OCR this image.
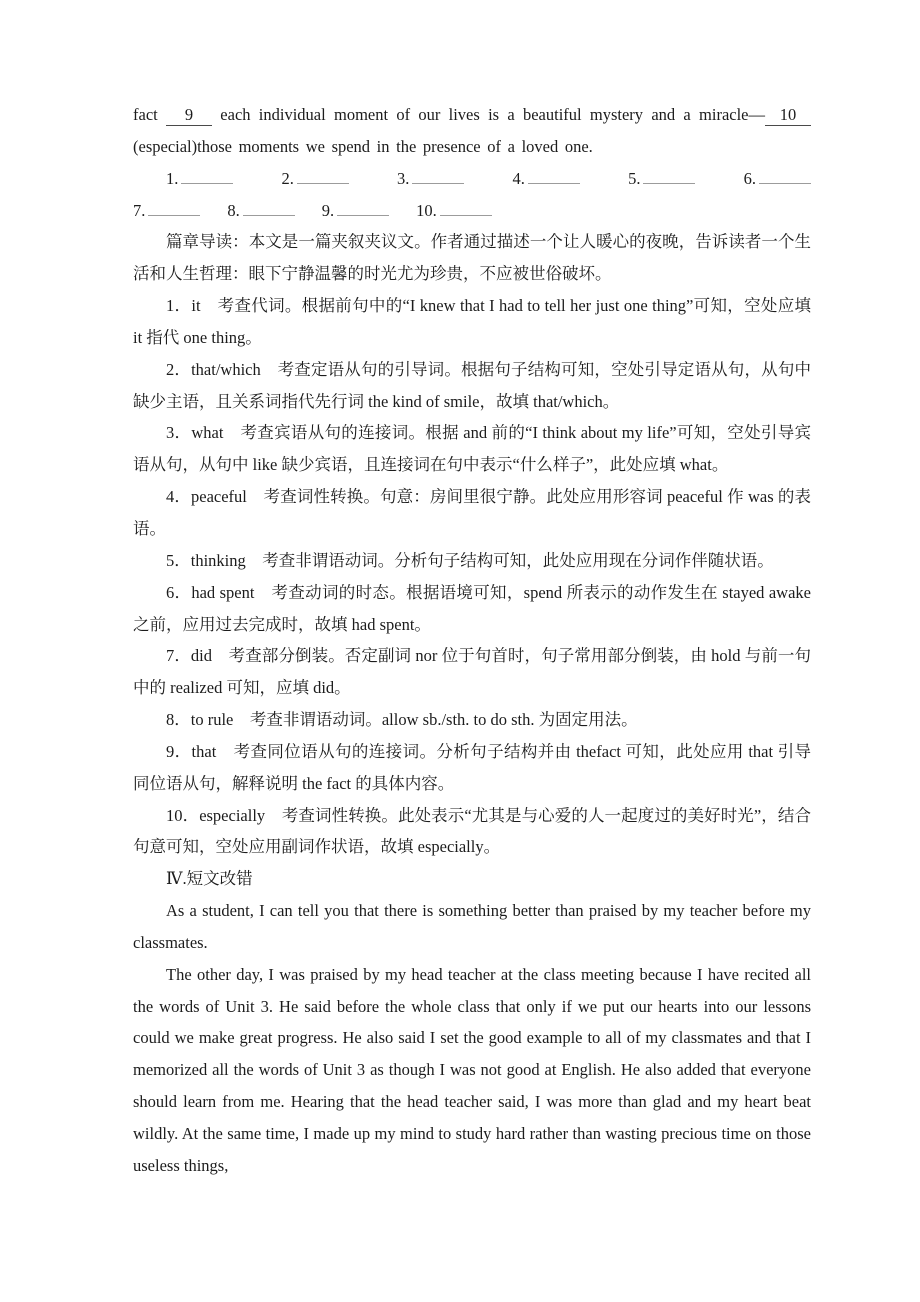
fact 9 each individual moment of our lives is a beautiful mystery and a miracle— 10 (especial)those moments we spend in the presence of a loved one.

1.	2.	3.	4.	5.	6.
7.	8.	9.	10.

篇章导读：本文是一篇夹叙夹议文。作者通过描述一个让人暖心的夜晚，告诉读者一个生活和人生哲理：眼下宁静温馨的时光尤为珍贵，不应被世俗破坏。

1．it　考查代词。根据前句中的“I knew that I had to tell her just one thing”可知，空处应填 it 指代 one thing。

2．that/which　考查定语从句的引导词。根据句子结构可知，空处引导定语从句，从句中缺少主语，且关系词指代先行词 the kind of smile，故填 that/which。

3．what　考查宾语从句的连接词。根据 and 前的“I think about my life”可知，空处引导宾语从句，从句中 like 缺少宾语，且连接词在句中表示“什么样子”，此处应填 what。

4．peaceful　考查词性转换。句意：房间里很宁静。此处应用形容词 peaceful 作 was 的表语。

5．thinking　考查非谓语动词。分析句子结构可知，此处应用现在分词作伴随状语。

6．had spent　考查动词的时态。根据语境可知，spend 所表示的动作发生在 stayed awake 之前，应用过去完成时，故填 had spent。

7．did　考查部分倒装。否定副词 nor 位于句首时，句子常用部分倒装，由 hold 与前一句中的 realized 可知，应填 did。

8．to rule　考查非谓语动词。allow sb./sth. to do sth. 为固定用法。

9．that　考查同位语从句的连接词。分析句子结构并由 thefact 可知，此处应用 that 引导同位语从句，解释说明 the fact 的具体内容。

10．especially　考查词性转换。此处表示“尤其是与心爱的人一起度过的美好时光”，结合句意可知，空处应用副词作状语，故填 especially。

Ⅳ.短文改错

As a student, I can tell you that there is something better than praised by my teacher before my classmates.

The other day, I was praised by my head teacher at the class meeting because I have recited all the words of Unit 3. He said before the whole class that only if we put our hearts into our lessons could we make great progress. He also said I set the good example to all of my classmates and that I memorized all the words of Unit 3 as though I was not good at English. He also added that everyone should learn from me. Hearing that the head teacher said, I was more than glad and my heart beat wildly. At the same time, I made up my mind to study hard rather than wasting precious time on those useless things,
